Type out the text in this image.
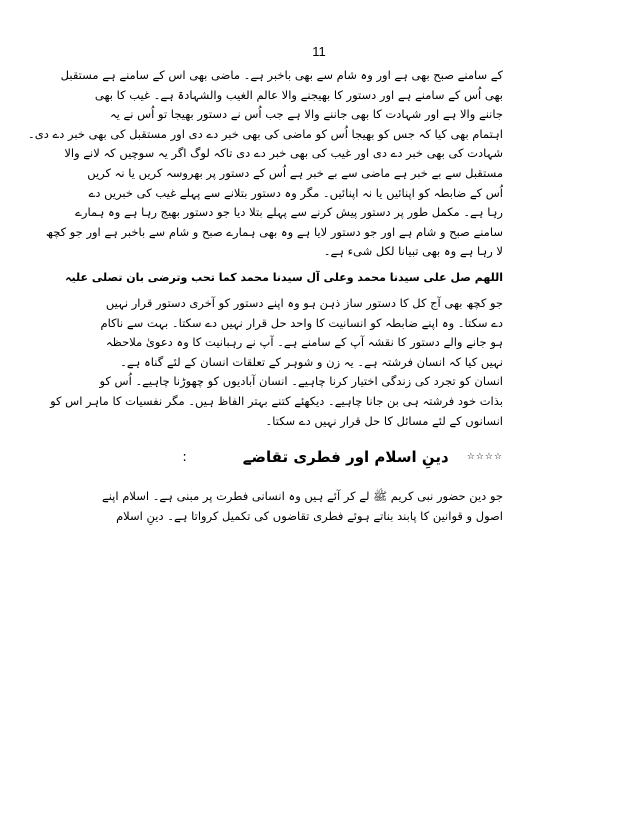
11
کے سامنے صبح بھی ہے اور وہ شام سے بھی باخبر ہے۔ ماضی بھی اس کے سامنے ہے مستقبل
بھی اُس کے سامنے ہے اور دستور کا بھیجنے والا عالم الغیب والشہادۃ ہے۔ غیب کا بھی
جاننے والا ہے اور شہادت کا بھی جاننے والا ہے جب اُس نے دستور بھیجا تو اُس نے یہ
اہتمام بھی کیا کہ جس کو بھیجا اُس کو ماضی کی بھی خبر دے دی اور مستقبل کی بھی خبر دے دی۔
شہادت کی بھی خبر دے دی اور غیب کی بھی خبر دے دی تاکہ لوگ اگر یہ سوچیں کہ لانے والا
مستقبل سے بے خبر ہے ماضی سے بے خبر ہے اُس کے دستور پر بھروسہ کریں یا نہ کریں
اُس کے ضابطہ کو اپنائیں یا نہ اپنائیں۔ مگر وہ دستور بتلانے سے پہلے غیب کی خبریں دے
رہا ہے۔ مکمل طور پر دستور پیش کرنے سے پہلے بتلا دیا جو دستور بھیج رہا ہے وہ ہمارے
سامنے صبح و شام ہے اور جو دستور لایا ہے وہ بھی ہمارے صبح و شام سے باخبر ہے اور جو کچھ
لا رہا ہے وہ بھی تبیانا لکل شیء ہے۔
اللھم صل علی سیدنا محمد وعلی آل سیدنا محمد کما تحب وترضی بان تصلی علیہ
جو کچھ بھی آج کل کا دستور ساز ذہن ہو وہ اپنے دستور کو آخری دستور قرار نہیں
دے سکتا۔ وہ اپنے ضابطہ کو انسانیت کا واحد حل قرار نہیں دے سکتا۔ بہت سے ناکام
ہو جانے والے دستور کا نقشہ آپ کے سامنے ہے۔ آپ نے رہبانیت کا وہ دعویٰ ملاحظہ
نہیں کیا کہ انسان فرشتہ ہے۔ یہ زن و شوہر کے تعلقات انسان کے لئے گناہ ہے۔
انسان کو تجرد کی زندگی اختیار کرنا چاہیے۔ انسان آبادیوں کو چھوڑنا چاہیے۔ اُس کو
بذات خود فرشتہ ہی بن جانا چاہیے۔ دیکھئے کتنے بہتر الفاظ ہیں۔ مگر نفسیات کا ماہر اس کو
انسانوں کے لئے مسائل کا حل قرار نہیں دے سکتا۔
☆☆☆☆
دینِ اسلام اور فطری تقاضے
:
جو دین حضور نبی کریم ﷺ لے کر آئے ہیں وہ انسانی فطرت پر مبنی ہے۔ اسلام اپنے
اصول و قوانین کا پابند بناتے ہوئے فطری تقاضوں کی تکمیل کرواتا ہے۔ دینِ اسلام
